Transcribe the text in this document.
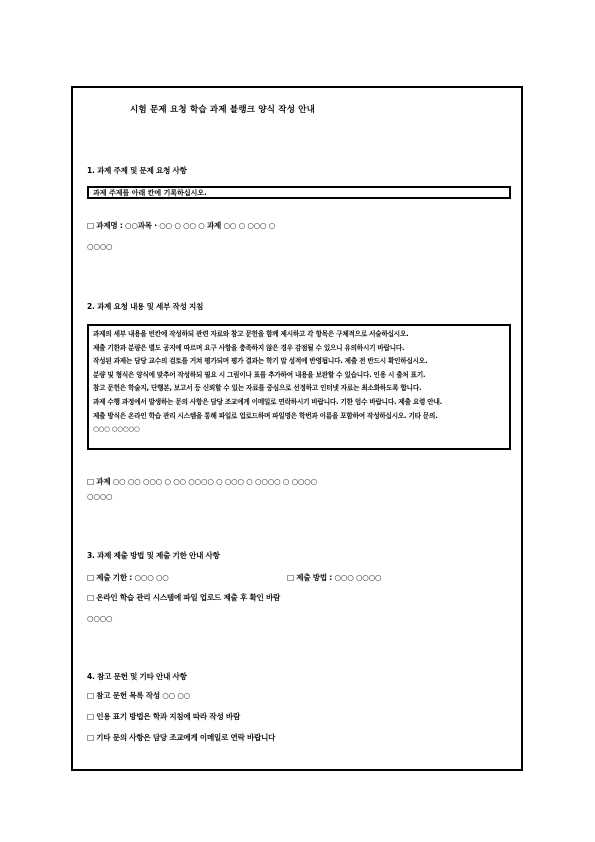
시험 문제 요청 학습 과제 블랭크 양식 작성 안내
1. 과제 주제 및 문제 요청 사항
과제 주제를 아래 칸에 기록하십시오.
□ 과제명 : ○○과목 · ○○ ○ ○○ ○ 과제 ○○ ○ ○○○ ○
○○○○
2. 과제 요청 내용 및 세부 작성 지침
과제의 세부 내용을 빈칸에 작성하되 관련 자료와 참고 문헌을 함께 제시하고 각 항목은 구체적으로 서술하십시오.
제출 기한과 분량은 별도 공지에 따르며 요구 사항을 충족하지 않은 경우 감점될 수 있으니 유의하시기 바랍니다.
작성된 과제는 담당 교수의 검토를 거쳐 평가되며 평가 결과는 학기 말 성적에 반영됩니다. 제출 전 반드시 확인하십시오.
분량 및 형식은 양식에 맞추어 작성하되 필요 시 그림이나 표를 추가하여 내용을 보완할 수 있습니다. 인용 시 출처 표기.
참고 문헌은 학술지, 단행본, 보고서 등 신뢰할 수 있는 자료를 중심으로 선정하고 인터넷 자료는 최소화하도록 합니다.
과제 수행 과정에서 발생하는 문의 사항은 담당 조교에게 이메일로 연락하시기 바랍니다. 기한 엄수 바랍니다. 제출 요령 안내.
제출 방식은 온라인 학습 관리 시스템을 통해 파일로 업로드하며 파일명은 학번과 이름을 포함하여 작성하십시오. 기타 문의.
○○○ ○○○○○
□ 과제 ○○ ○○ ○○○ ○ ○○ ○○○○ ○ ○○○ ○ ○○○○ ○ ○○○○
○○○○
3. 과제 제출 방법 및 제출 기한 안내 사항
□ 제출 기한 : ○○○ ○○	□ 제출 방법 : ○○○ ○○○○
□ 온라인 학습 관리 시스템에 파일 업로드 제출 후 확인 바람
○○○○
4. 참고 문헌 및 기타 안내 사항
□ 참고 문헌 목록 작성 ○○ ○○
□ 인용 표기 방법은 학과 지침에 따라 작성 바람
□ 기타 문의 사항은 담당 조교에게 이메일로 연락 바랍니다
